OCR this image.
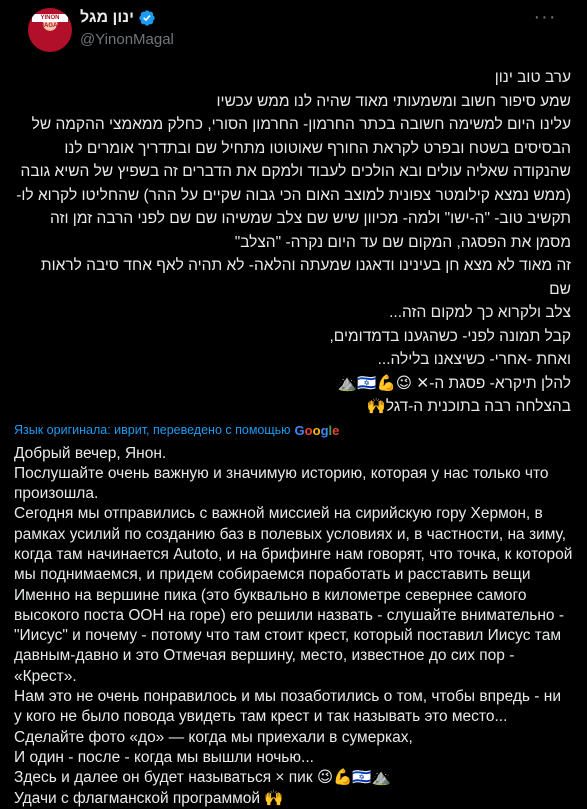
YINON MAGAL	ינון מגל
@YinonMagal
···

ערב טוב ינון

שמע סיפור חשוב ומשמעותי מאוד שהיה לנו ממש עכשיו

עלינו היום למשימה חשובה בכתר החרמון- החרמון הסורי, כחלק ממאמצי ההקמה של

הבסיסים בשטח ובפרט לקראת החורף שאוטוטו מתחיל שם ובתדריך אומרים לנו

שהנקודה שאליה עולים ובא הולכים לעבוד ולמקם את הדברים זה בשפיץ של השיא גובה

(ממש נמצא קילומטר צפונית למוצב האום הכי גבוה שקיים על ההר) שהחליטו לקרוא לו-

תקשיב טוב- "ה-ישו" ולמה- מכיוון שיש שם צלב שמשיהו שם שם לפני הרבה זמן וזה

מסמן את הפסגה, המקום שם עד היום נקרה- "הצלב"

זה מאוד לא מצא חן בעינינו ודאגנו שמעתה והלאה- לא תהיה לאף אחד סיבה לראות שם

צלב ולקרוא כך למקום הזה...

קבל תמונה לפני- כשהגענו בדמדומים,

ואחת -אחרי- כשיצאנו בלילה...

להלן תיקרא- פסגת ה-✕ 😉💪🇮🇱⛰️

בהצלחה רבה בתוכנית ה-דגל🙌

Язык оригинала: иврит, переведено с помощью Google

Добрый вечер, Янон.

Послушайте очень важную и значимую историю, которая у нас только что произошла.

Сегодня мы отправились с важной миссией на сирийскую гору Хермон, в рамках усилий по созданию баз в полевых условиях и, в частности, на зиму, когда там начинается Autoto, и на брифинге нам говорят, что точка, к которой мы поднимаемся, и придем собираемся поработать и расставить вещи Именно на вершине пика (это буквально в километре севернее самого высокого поста ООН на горе) его решили назвать - слушайте внимательно - "Иисус" и почему - потому что там стоит крест, который поставил Иисус там давным-давно и это Отмечая вершину, место, известное до сих пор - «Крест».

Нам это не очень понравилось и мы позаботились о том, чтобы впредь - ни у кого не было повода увидеть там крест и так называть это место...

Сделайте фото «до» — когда мы приехали в сумерках,

И один - после - когда мы вышли ночью...

Здесь и далее он будет называться × пик 😉💪🇮🇱⛰️

Удачи с флагманской программой 🙌
